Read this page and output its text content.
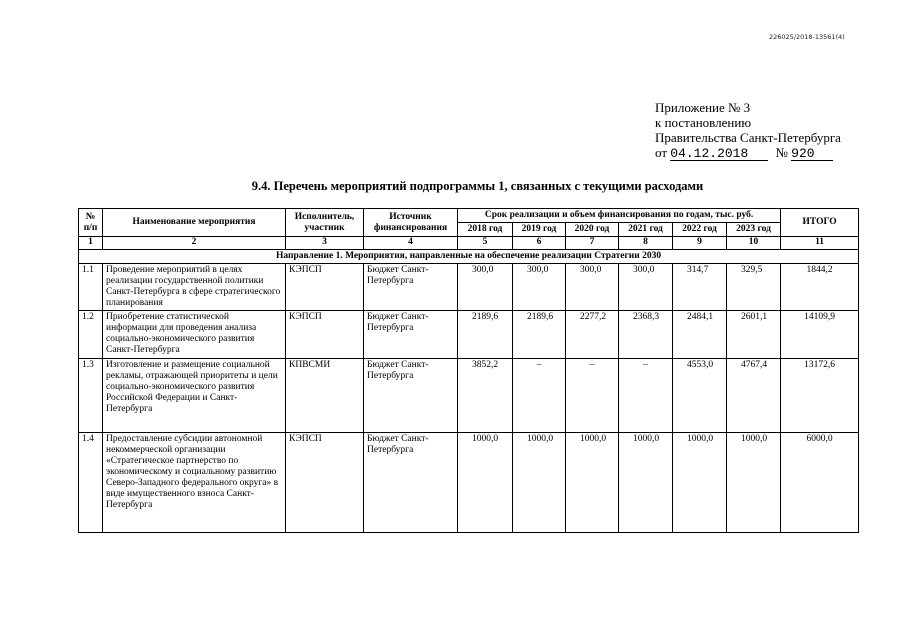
226025/2018-13561(4)
Приложение № 3
к постановлению
Правительства Санкт-Петербурга
от 04.12.2018 № 920
9.4. Перечень мероприятий подпрограммы 1, связанных с текущими расходами
№ п/п	Наименование мероприятия	Исполнитель, участник	Источник финансирования	Срок реализации и объем финансирования по годам, тыс. руб.						ИТОГО
				2018 год	2019 год	2020 год	2021 год	2022 год	2023 год	
1	2	3	4	5	6	7	8	9	10	11
Направление 1. Мероприятия, направленные на обеспечение реализации Стратегии 2030										
1.1	Проведение мероприятий в целях реализации государственной политики Санкт-Петербурга в сфере стратегического планирования	КЭПСП	Бюджет Санкт-Петербурга	300,0	300,0	300,0	300,0	314,7	329,5	1844,2
1.2	Приобретение статистической информации для проведения анализа социально-экономического развития Санкт-Петербурга	КЭПСП	Бюджет Санкт-Петербурга	2189,6	2189,6	2277,2	2368,3	2484,1	2601,1	14109,9
1.3	Изготовление и размещение социальной рекламы, отражающей приоритеты и цели социально-экономического развития Российской Федерации и Санкт-Петербурга	КПВСМИ	Бюджет Санкт-Петербурга	3852,2	–	–	–	4553,0	4767,4	13172,6
1.4	Предоставление субсидии автономной некоммерческой организации «Стратегическое партнерство по экономическому и социальному развитию Северо-Западного федерального округа» в виде имущественного взноса Санкт-Петербурга	КЭПСП	Бюджет Санкт-Петербурга	1000,0	1000,0	1000,0	1000,0	1000,0	1000,0	6000,0
